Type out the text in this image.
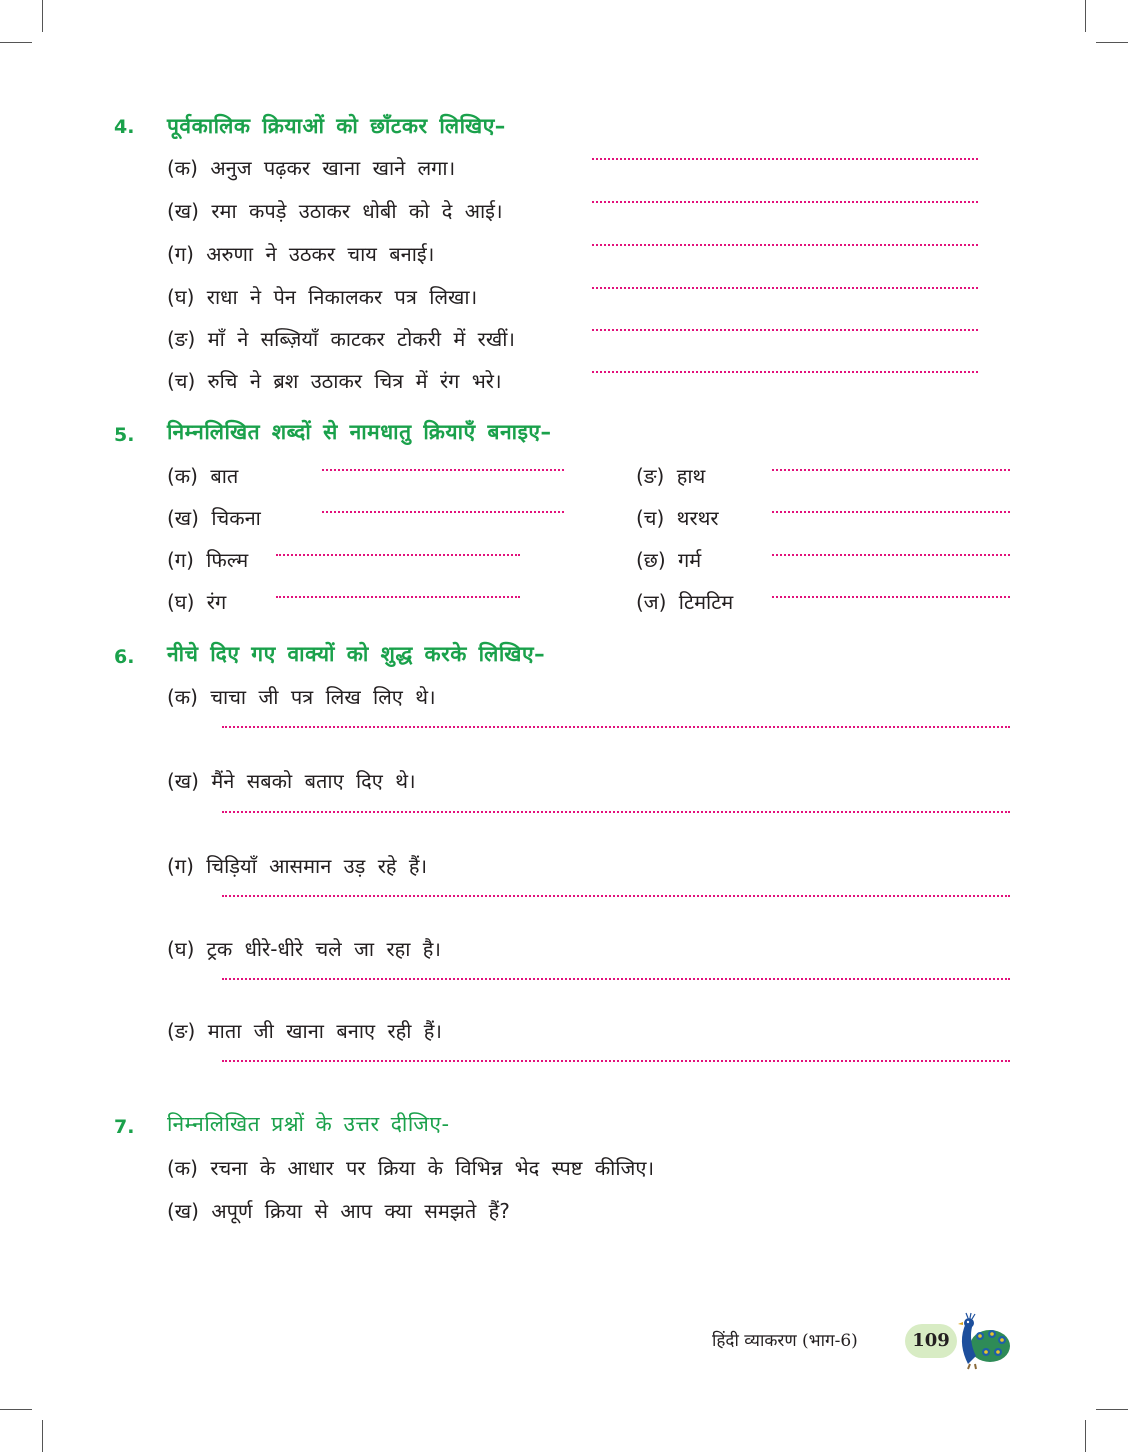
4. पूर्वकालिक क्रियाओं को छाँटकर लिखिए–
(क) अनुज पढ़कर खाना खाने लगा।
(ख) रमा कपड़े उठाकर धोबी को दे आई।
(ग) अरुणा ने उठकर चाय बनाई।
(घ) राधा ने पेन निकालकर पत्र लिखा।
(ङ) माँ ने सब्ज़ियाँ काटकर टोकरी में रखीं।
(च) रुचि ने ब्रश उठाकर चित्र में रंग भरे।
5. निम्नलिखित शब्दों से नामधातु क्रियाएँ बनाइए–
(क) बात
(ख) चिकना
(ग) फिल्म
(घ) रंग
(ङ) हाथ
(च) थरथर
(छ) गर्म
(ज) टिमटिम
6. नीचे दिए गए वाक्यों को शुद्ध करके लिखिए–
(क) चाचा जी पत्र लिख लिए थे।
(ख) मैंने सबको बताए दिए थे।
(ग) चिड़ियाँ आसमान उड़ रहे हैं।
(घ) ट्रक धीरे-धीरे चले जा रहा है।
(ङ) माता जी खाना बनाए रही हैं।
7. निम्नलिखित प्रश्नों के उत्तर दीजिए-
(क) रचना के आधार पर क्रिया के विभिन्न भेद स्पष्ट कीजिए।
(ख) अपूर्ण क्रिया से आप क्या समझते हैं?
हिंदी व्याकरण (भाग-6)	109
